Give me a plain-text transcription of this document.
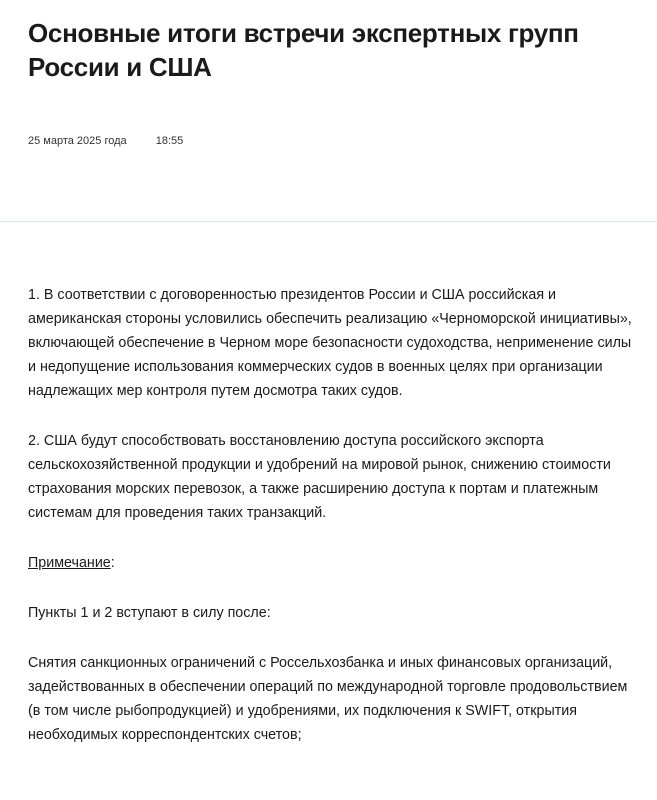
Основные итоги встречи экспертных групп России и США
25 марта 2025 года	18:55

1. В соответствии с договоренностью президентов России и США российская и американская стороны условились обеспечить реализацию «Черноморской инициативы», включающей обеспечение в Черном море безопасности судоходства, неприменение силы и недопущение использования коммерческих судов в военных целях при организации надлежащих мер контроля путем досмотра таких судов.

2. США будут способствовать восстановлению доступа российского экспорта сельскохозяйственной продукции и удобрений на мировой рынок, снижению стоимости страхования морских перевозок, а также расширению доступа к портам и платежным системам для проведения таких транзакций.

Примечание:

Пункты 1 и 2 вступают в силу после:

Снятия санкционных ограничений с Россельхозбанка и иных финансовых организаций, задействованных в обеспечении операций по международной торговле продовольствием (в том числе рыбопродукцией) и удобрениями, их подключения к SWIFT, открытия необходимых корреспондентских счетов;
